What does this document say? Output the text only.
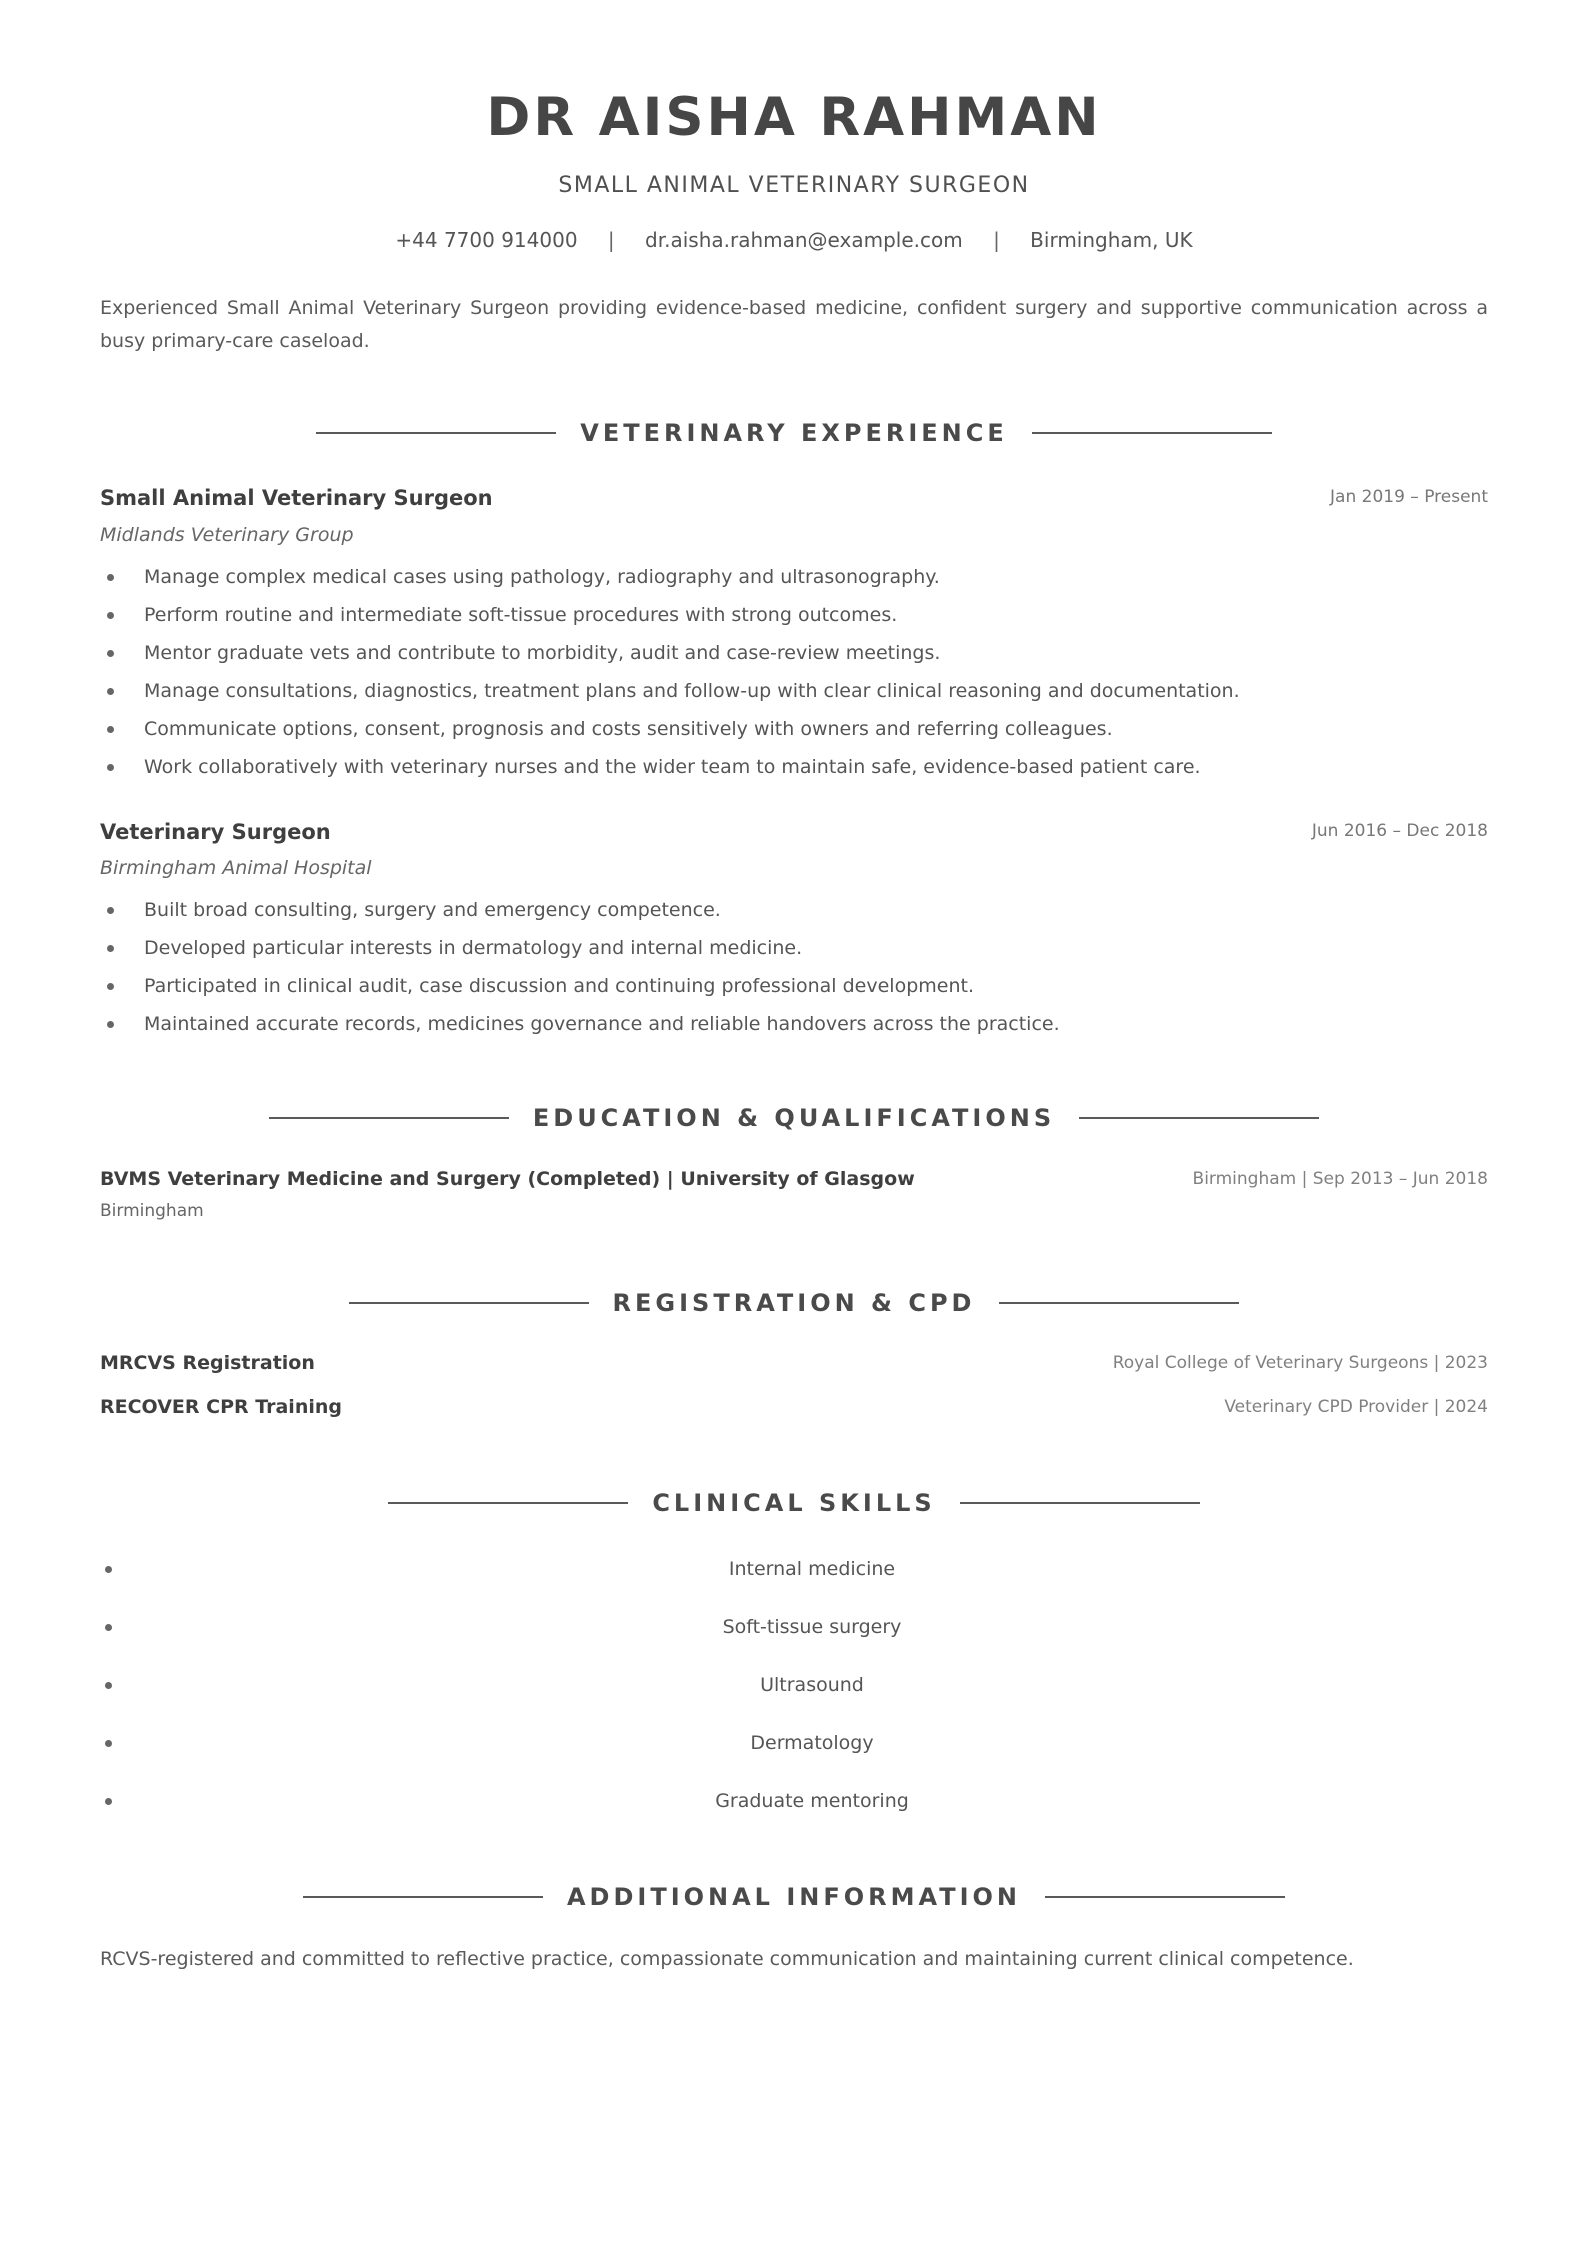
DR AISHA RAHMAN
SMALL ANIMAL VETERINARY SURGEON
+44 7700 914000 | dr.aisha.rahman@example.com | Birmingham, UK
Experienced Small Animal Veterinary Surgeon providing evidence-based medicine, confident surgery and supportive communication across a busy primary-care caseload.
VETERINARY EXPERIENCE
Small Animal Veterinary Surgeon	Jan 2019 – Present
Midlands Veterinary Group
Manage complex medical cases using pathology, radiography and ultrasonography.
Perform routine and intermediate soft-tissue procedures with strong outcomes.
Mentor graduate vets and contribute to morbidity, audit and case-review meetings.
Manage consultations, diagnostics, treatment plans and follow-up with clear clinical reasoning and documentation.
Communicate options, consent, prognosis and costs sensitively with owners and referring colleagues.
Work collaboratively with veterinary nurses and the wider team to maintain safe, evidence-based patient care.
Veterinary Surgeon	Jun 2016 – Dec 2018
Birmingham Animal Hospital
Built broad consulting, surgery and emergency competence.
Developed particular interests in dermatology and internal medicine.
Participated in clinical audit, case discussion and continuing professional development.
Maintained accurate records, medicines governance and reliable handovers across the practice.
EDUCATION & QUALIFICATIONS
BVMS Veterinary Medicine and Surgery (Completed) | University of Glasgow	Birmingham | Sep 2013 – Jun 2018
Birmingham
REGISTRATION & CPD
MRCVS Registration	Royal College of Veterinary Surgeons | 2023
RECOVER CPR Training	Veterinary CPD Provider | 2024
CLINICAL SKILLS
Internal medicine
Soft-tissue surgery
Ultrasound
Dermatology
Graduate mentoring
ADDITIONAL INFORMATION
RCVS-registered and committed to reflective practice, compassionate communication and maintaining current clinical competence.
